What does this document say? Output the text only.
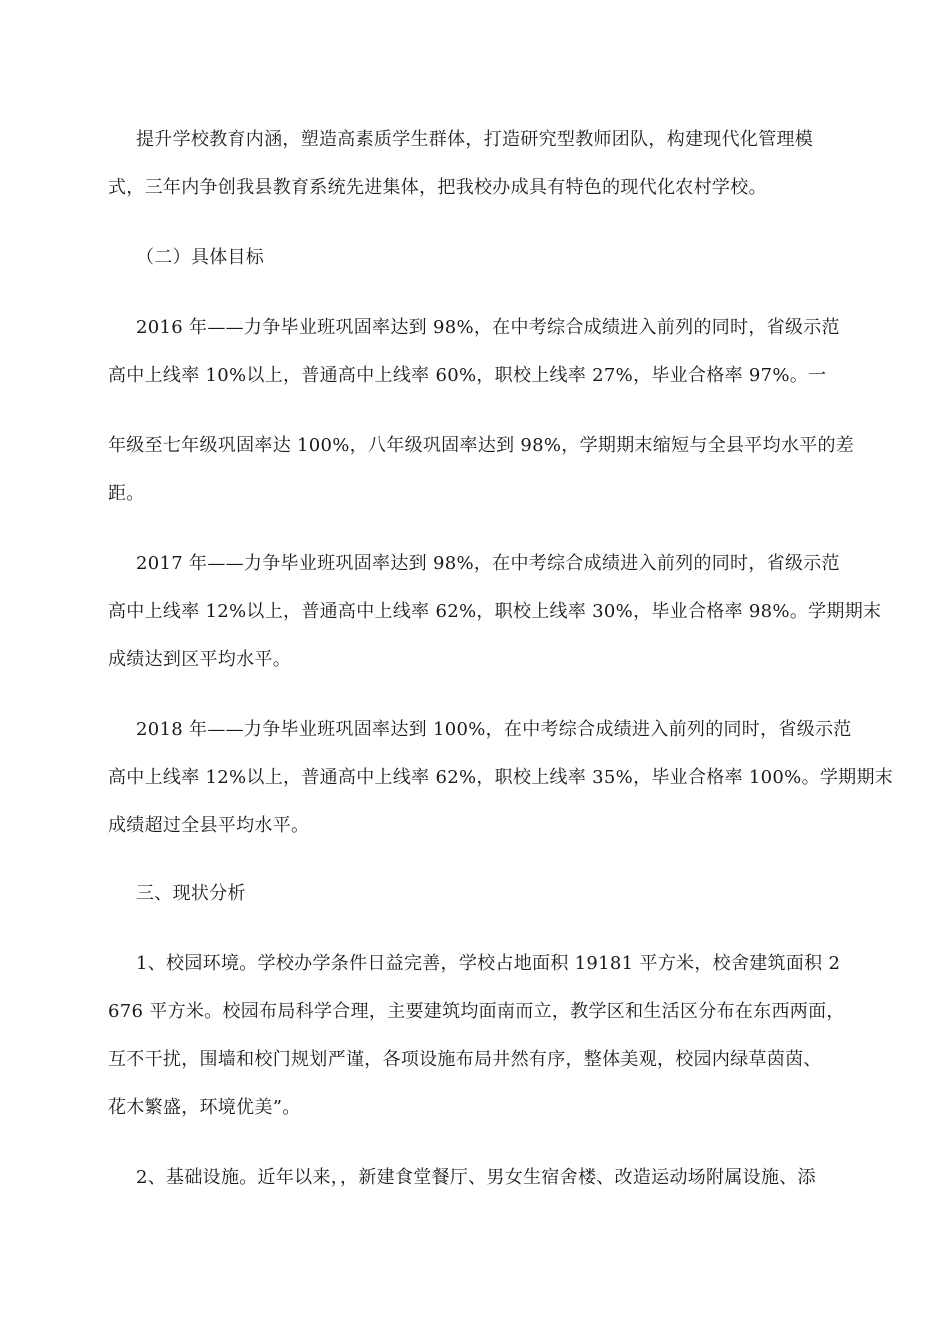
提升学校教育内涵，塑造高素质学生群体，打造研究型教师团队，构建现代化管理模
式，三年内争创我县教育系统先进集体，把我校办成具有特色的现代化农村学校。
（二）具体目标
2016 年——力争毕业班巩固率达到 98%，在中考综合成绩进入前列的同时，省级示范
高中上线率 10%以上，普通高中上线率 60%，职校上线率 27%，毕业合格率 97%。一
年级至七年级巩固率达 100%，八年级巩固率达到 98%，学期期末缩短与全县平均水平的差
距。
2017 年——力争毕业班巩固率达到 98%，在中考综合成绩进入前列的同时，省级示范
高中上线率 12%以上，普通高中上线率 62%，职校上线率 30%，毕业合格率 98%。学期期末
成绩达到区平均水平。
2018 年——力争毕业班巩固率达到 100%，在中考综合成绩进入前列的同时，省级示范
高中上线率 12%以上，普通高中上线率 62%，职校上线率 35%，毕业合格率 100%。学期期末
成绩超过全县平均水平。
三、现状分析
1、校园环境。学校办学条件日益完善，学校占地面积 19181 平方米，校舍建筑面积 2
676 平方米。校园布局科学合理，主要建筑均面南而立，教学区和生活区分布在东西两面，
互不干扰，围墙和校门规划严谨，各项设施布局井然有序，整体美观，校园内绿草茵茵、
花木繁盛，环境优美”。
2、基础设施。近年以来，，新建食堂餐厅、男女生宿舍楼、改造运动场附属设施、添
